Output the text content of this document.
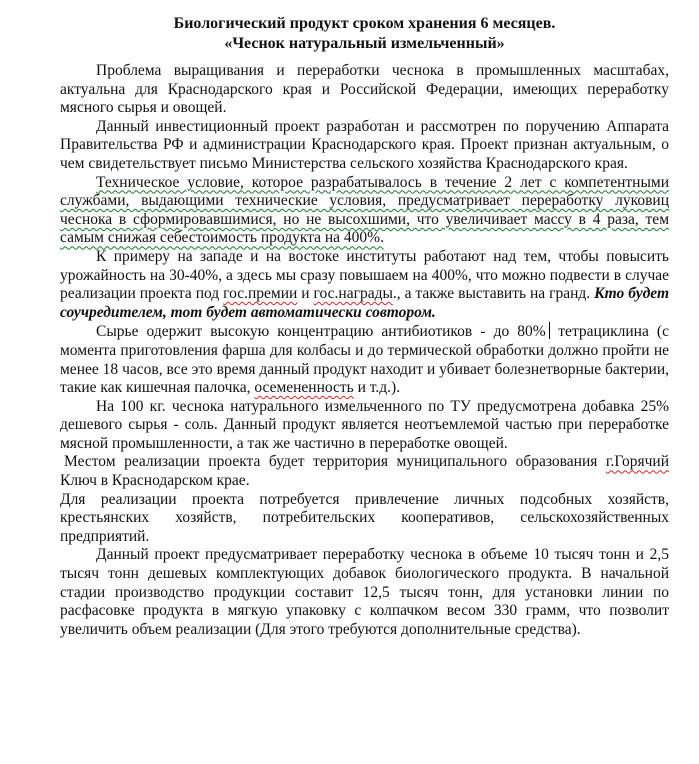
Биологический продукт сроком хранения 6 месяцев.
«Чеснок натуральный измельченный»

Проблема выращивания и переработки чеснока в промышленных масштабах, актуальна для Краснодарского края и Российской Федерации, имеющих переработку мясного сырья и овощей.

Данный инвестиционный проект разработан и рассмотрен по поручению Аппарата Правительства РФ и администрации Краснодарского края. Проект признан актуальным, о чем свидетельствует письмо Министерства сельского хозяйства Краснодарского края.

Техническое условие, которое разрабатывалось в течение 2 лет с компетентными службами, выдающими технические условия, предусматривает переработку луковиц чеснока в сформировавшимися, но не высохшими, что увеличивает массу в 4 раза, тем самым снижая себестоимость продукта на 400%.

К примеру на западе и на востоке институты работают над тем, чтобы повысить урожайность на 30-40%, а здесь мы сразу повышаем на 400%, что можно подвести в случае реализации проекта под гос.премии и гос.награды., а также выставить на гранд. Кто будет соучредителем, тот будет автоматически совтором.

Сырье одержит высокую концентрацию антибиотиков - до 80% тетрациклина (с момента приготовления фарша для колбасы и до термической обработки должно пройти не менее 18 часов, все это время данный продукт находит и убивает болезнетворные бактерии, такие как кишечная палочка, осемененность и т.д.).

На 100 кг. чеснока натурального измельченного по ТУ предусмотрена добавка 25% дешевого сырья - соль. Данный продукт является неотъемлемой частью при переработке мясной промышленности, а так же частично в переработке овощей.

Местом реализации проекта будет территория муниципального образования г.Горячий Ключ в Краснодарском крае.

Для реализации проекта потребуется привлечение личных подсобных хозяйств, крестьянских хозяйств, потребительских кооперативов, сельскохозяйственных предприятий.

Данный проект предусматривает переработку чеснока в объеме 10 тысяч тонн и 2,5 тысяч тонн дешевых комплектующих добавок биологического продукта. В начальной стадии производство продукции составит 12,5 тысяч тонн, для установки линии по расфасовке продукта в мягкую упаковку с колпачком весом 330 грамм, что позволит увеличить объем реализации (Для этого требуются дополнительные средства).
